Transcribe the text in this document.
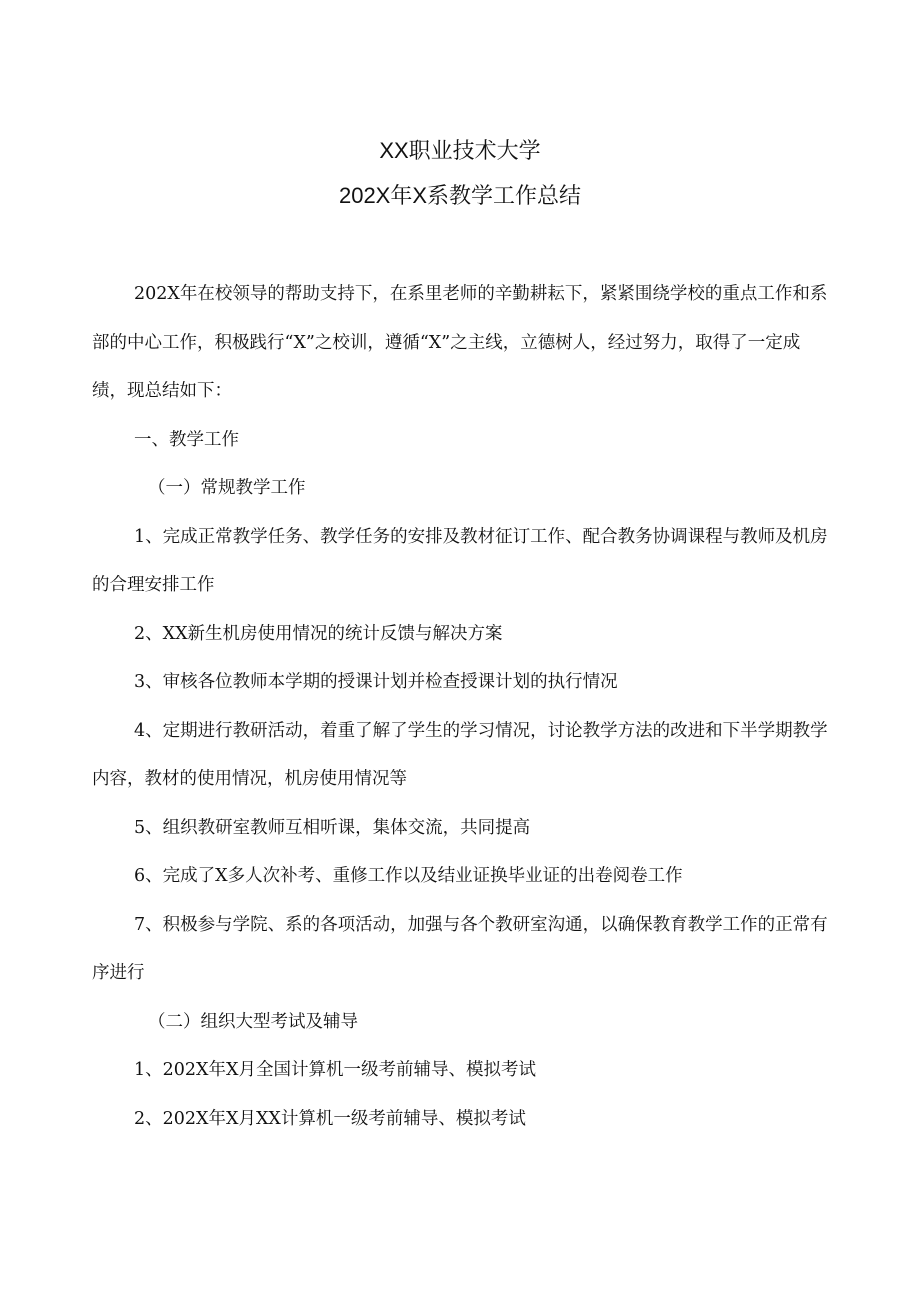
XX职业技术大学
202X年X系教学工作总结

202X年在校领导的帮助支持下，在系里老师的辛勤耕耘下，紧紧围绕学校的重点工作和系部的中心工作，积极践行“X”之校训，遵循“X”之主线，立德树人，经过努力，取得了一定成绩，现总结如下：

一、教学工作

（一）常规教学工作

1、完成正常教学任务、教学任务的安排及教材征订工作、配合教务协调课程与教师及机房的合理安排工作

2、XX新生机房使用情况的统计反馈与解决方案

3、审核各位教师本学期的授课计划并检查授课计划的执行情况

4、定期进行教研活动，着重了解了学生的学习情况，讨论教学方法的改进和下半学期教学内容，教材的使用情况，机房使用情况等

5、组织教研室教师互相听课，集体交流，共同提高

6、完成了X多人次补考、重修工作以及结业证换毕业证的出卷阅卷工作

7、积极参与学院、系的各项活动，加强与各个教研室沟通，以确保教育教学工作的正常有序进行

（二）组织大型考试及辅导

1、202X年X月全国计算机一级考前辅导、模拟考试

2、202X年X月XX计算机一级考前辅导、模拟考试
